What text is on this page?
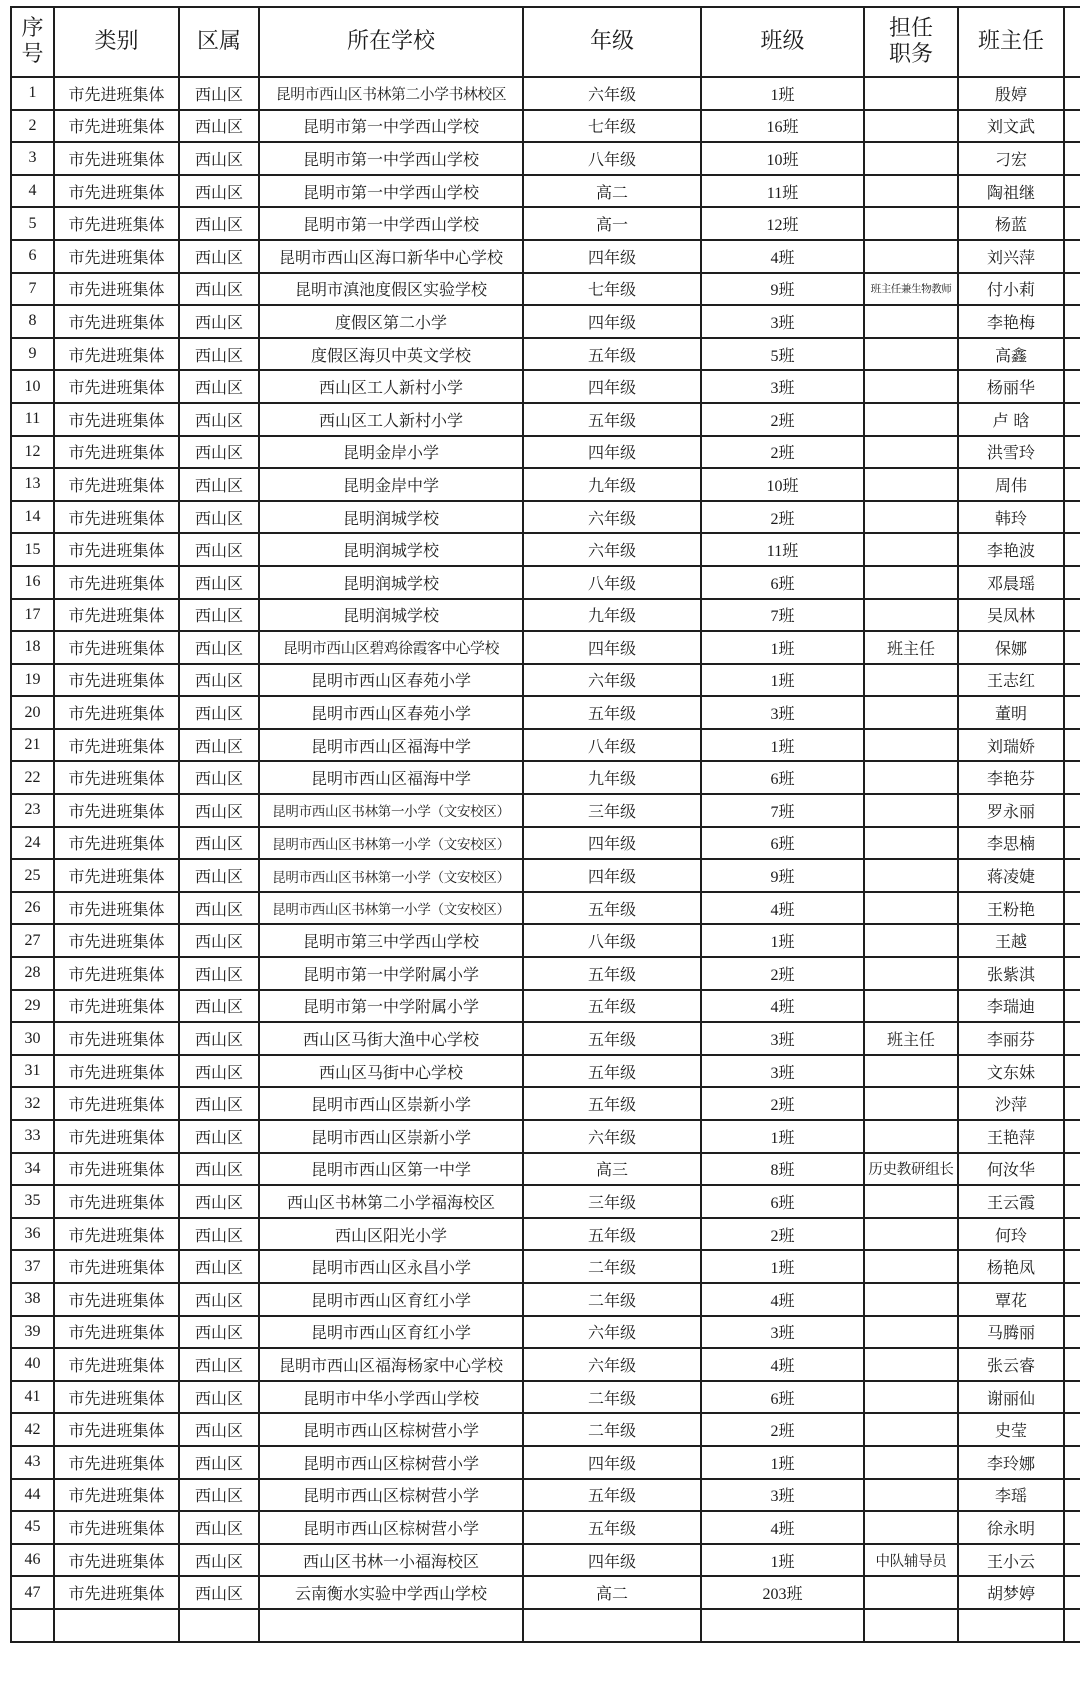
序号	类别	区属	所在学校	年级	班级	担任职务	班主任	
1	市先进班集体	西山区	昆明市西山区书林第二小学书林校区	六年级	1班		殷婷	
2	市先进班集体	西山区	昆明市第一中学西山学校	七年级	16班		刘文武	
3	市先进班集体	西山区	昆明市第一中学西山学校	八年级	10班		刁宏	
4	市先进班集体	西山区	昆明市第一中学西山学校	高二	11班		陶祖继	
5	市先进班集体	西山区	昆明市第一中学西山学校	高一	12班		杨蓝	
6	市先进班集体	西山区	昆明市西山区海口新华中心学校	四年级	4班		刘兴萍	
7	市先进班集体	西山区	昆明市滇池度假区实验学校	七年级	9班	班主任兼生物教师	付小莉	
8	市先进班集体	西山区	度假区第二小学	四年级	3班		李艳梅	
9	市先进班集体	西山区	度假区海贝中英文学校	五年级	5班		高鑫	
10	市先进班集体	西山区	西山区工人新村小学	四年级	3班		杨丽华	
11	市先进班集体	西山区	西山区工人新村小学	五年级	2班		卢 晗	
12	市先进班集体	西山区	昆明金岸小学	四年级	2班		洪雪玲	
13	市先进班集体	西山区	昆明金岸中学	九年级	10班		周伟	
14	市先进班集体	西山区	昆明润城学校	六年级	2班		韩玲	
15	市先进班集体	西山区	昆明润城学校	六年级	11班		李艳波	
16	市先进班集体	西山区	昆明润城学校	八年级	6班		邓晨瑶	
17	市先进班集体	西山区	昆明润城学校	九年级	7班		吴凤林	
18	市先进班集体	西山区	昆明市西山区碧鸡徐霞客中心学校	四年级	1班	班主任	保娜	
19	市先进班集体	西山区	昆明市西山区春苑小学	六年级	1班		王志红	
20	市先进班集体	西山区	昆明市西山区春苑小学	五年级	3班		董明	
21	市先进班集体	西山区	昆明市西山区福海中学	八年级	1班		刘瑞娇	
22	市先进班集体	西山区	昆明市西山区福海中学	九年级	6班		李艳芬	
23	市先进班集体	西山区	昆明市西山区书林第一小学（文安校区）	三年级	7班		罗永丽	
24	市先进班集体	西山区	昆明市西山区书林第一小学（文安校区）	四年级	6班		李思楠	
25	市先进班集体	西山区	昆明市西山区书林第一小学（文安校区）	四年级	9班		蒋凌婕	
26	市先进班集体	西山区	昆明市西山区书林第一小学（文安校区）	五年级	4班		王粉艳	
27	市先进班集体	西山区	昆明市第三中学西山学校	八年级	1班		王越	
28	市先进班集体	西山区	昆明市第一中学附属小学	五年级	2班		张紫淇	
29	市先进班集体	西山区	昆明市第一中学附属小学	五年级	4班		李瑞迪	
30	市先进班集体	西山区	西山区马街大渔中心学校	五年级	3班	班主任	李丽芬	
31	市先进班集体	西山区	西山区马街中心学校	五年级	3班		文东妹	
32	市先进班集体	西山区	昆明市西山区崇新小学	五年级	2班		沙萍	
33	市先进班集体	西山区	昆明市西山区崇新小学	六年级	1班		王艳萍	
34	市先进班集体	西山区	昆明市西山区第一中学	高三	8班	历史教研组长	何汝华	
35	市先进班集体	西山区	西山区书林第二小学福海校区	三年级	6班		王云霞	
36	市先进班集体	西山区	西山区阳光小学	五年级	2班		何玲	
37	市先进班集体	西山区	昆明市西山区永昌小学	二年级	1班		杨艳凤	
38	市先进班集体	西山区	昆明市西山区育红小学	二年级	4班		覃花	
39	市先进班集体	西山区	昆明市西山区育红小学	六年级	3班		马腾丽	
40	市先进班集体	西山区	昆明市西山区福海杨家中心学校	六年级	4班		张云睿	
41	市先进班集体	西山区	昆明市中华小学西山学校	二年级	6班		谢丽仙	
42	市先进班集体	西山区	昆明市西山区棕树营小学	二年级	2班		史莹	
43	市先进班集体	西山区	昆明市西山区棕树营小学	四年级	1班		李玲娜	
44	市先进班集体	西山区	昆明市西山区棕树营小学	五年级	3班		李瑶	
45	市先进班集体	西山区	昆明市西山区棕树营小学	五年级	4班		徐永明	
46	市先进班集体	西山区	西山区书林一小福海校区	四年级	1班	中队辅导员	王小云	
47	市先进班集体	西山区	云南衡水实验中学西山学校	高二	203班		胡梦婷	
